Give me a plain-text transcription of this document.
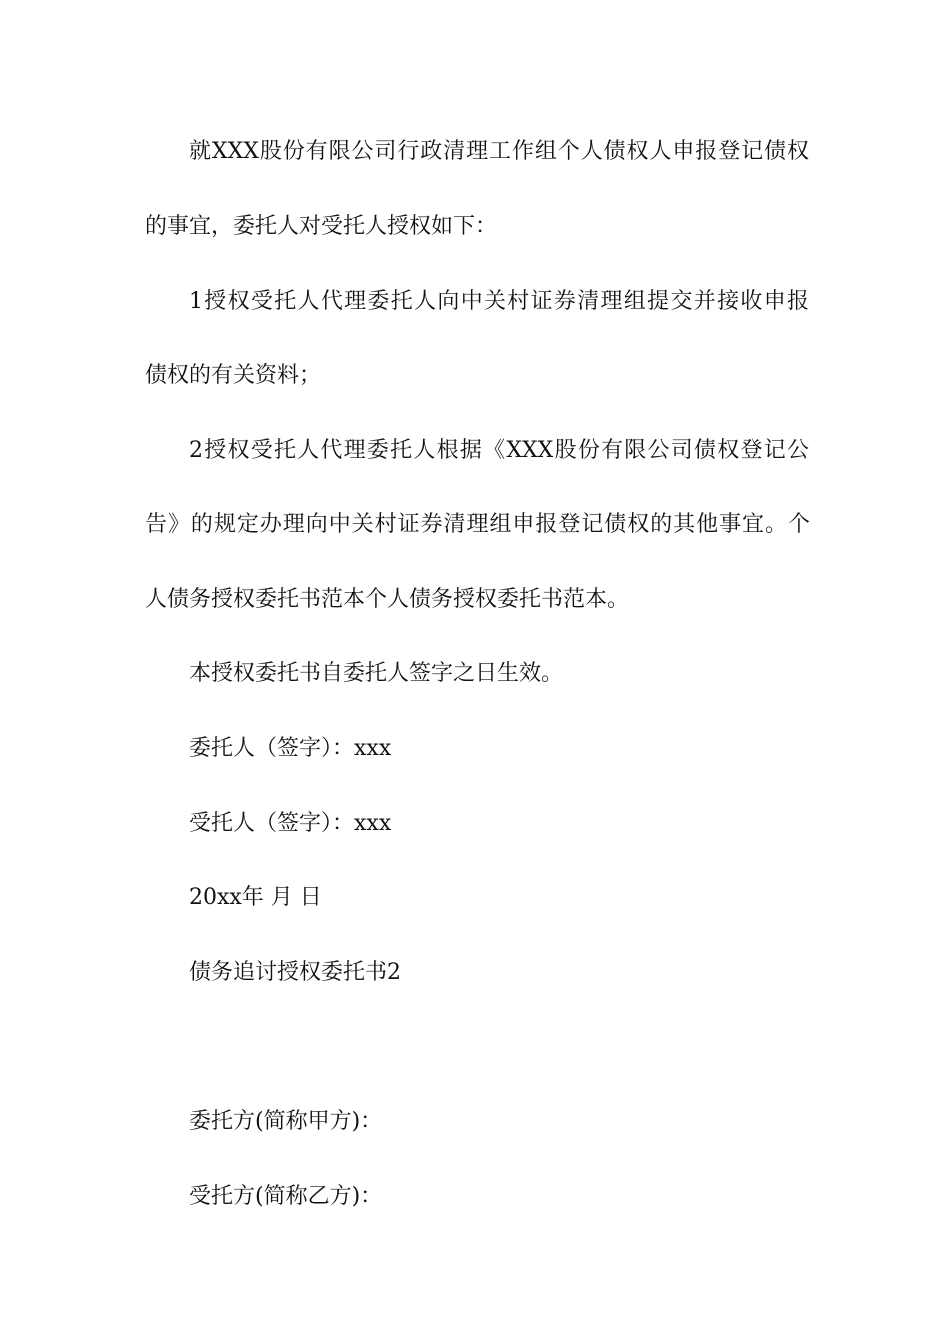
就XXX股份有限公司行政清理工作组个人债权人申报登记债权
的事宜，委托人对受托人授权如下：
1授权受托人代理委托人向中关村证券清理组提交并接收申报
债权的有关资料；
2授权受托人代理委托人根据《XXX股份有限公司债权登记公
告》的规定办理向中关村证券清理组申报登记债权的其他事宜。个
人债务授权委托书范本个人债务授权委托书范本。
本授权委托书自委托人签字之日生效。
委托人（签字）：xxx
受托人（签字）：xxx
20xx年 月 日
债务追讨授权委托书2
委托方(简称甲方)：
受托方(简称乙方)：
